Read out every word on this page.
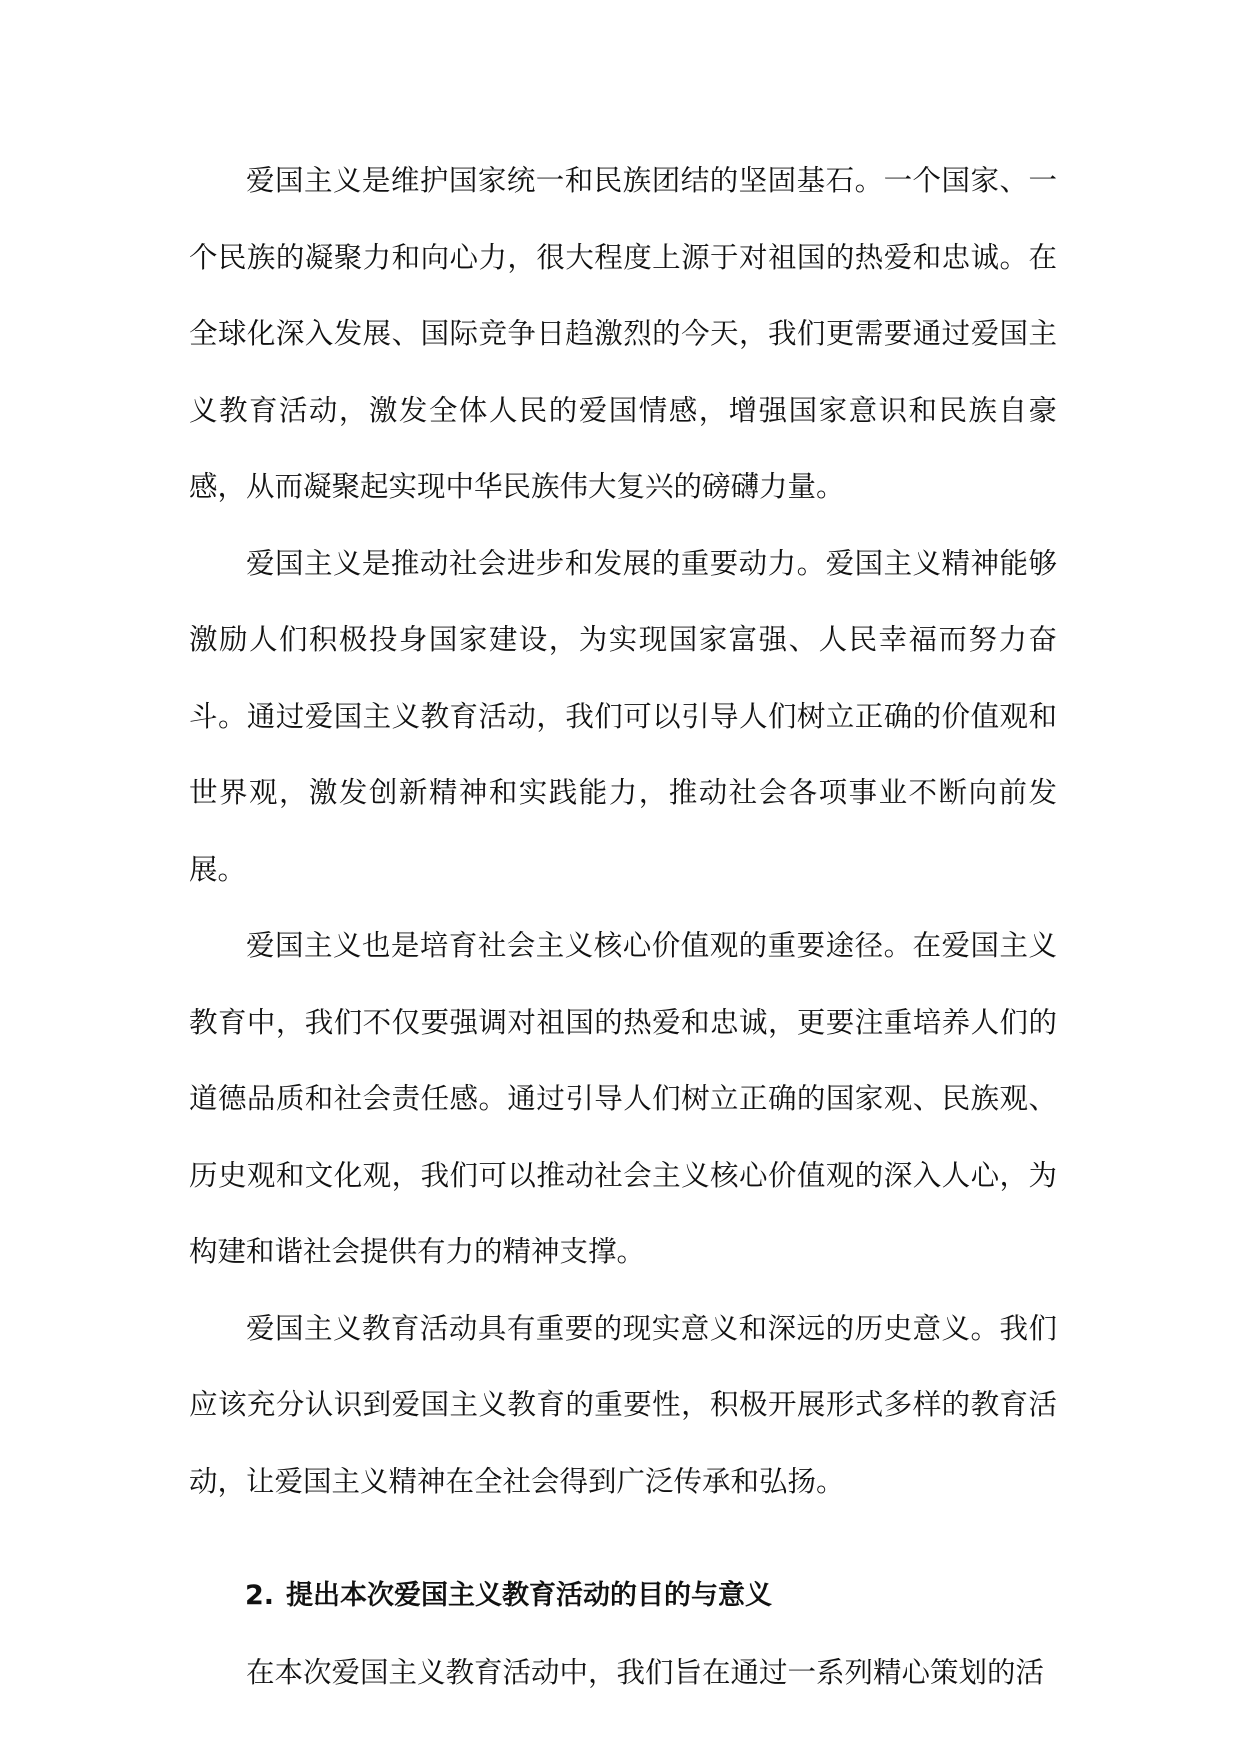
爱国主义是维护国家统一和民族团结的坚固基石。一个国家、一个民族的凝聚力和向心力，很大程度上源于对祖国的热爱和忠诚。在全球化深入发展、国际竞争日趋激烈的今天，我们更需要通过爱国主义教育活动，激发全体人民的爱国情感，增强国家意识和民族自豪感，从而凝聚起实现中华民族伟大复兴的磅礴力量。

爱国主义是推动社会进步和发展的重要动力。爱国主义精神能够激励人们积极投身国家建设，为实现国家富强、人民幸福而努力奋斗。通过爱国主义教育活动，我们可以引导人们树立正确的价值观和世界观，激发创新精神和实践能力，推动社会各项事业不断向前发展。

爱国主义也是培育社会主义核心价值观的重要途径。在爱国主义教育中，我们不仅要强调对祖国的热爱和忠诚，更要注重培养人们的道德品质和社会责任感。通过引导人们树立正确的国家观、民族观、历史观和文化观，我们可以推动社会主义核心价值观的深入人心，为构建和谐社会提供有力的精神支撑。

爱国主义教育活动具有重要的现实意义和深远的历史意义。我们应该充分认识到爱国主义教育的重要性，积极开展形式多样的教育活动，让爱国主义精神在全社会得到广泛传承和弘扬。

2. 提出本次爱国主义教育活动的目的与意义

在本次爱国主义教育活动中，我们旨在通过一系列精心策划的活
